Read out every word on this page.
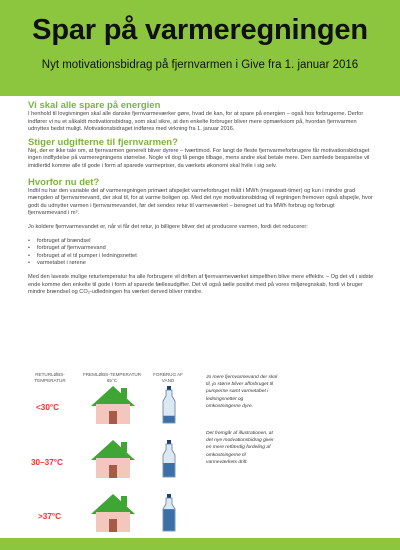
Spar på varmeregningen
Nyt motivationsbidrag på fjernvarmen i Give fra 1. januar 2016
Vi skal alle spare på energien
I henhold til lovgivningen skal alle danske fjernvarmeværker gøre, hvad de kan, for at spare på energien – også hos forbrugerne. Derfor indfører vi nu et såkaldt motivationsbidrag, som skal sikre, at den enkelte forbruger bliver mere opmærksom på, hvordan fjernvarmen udnyttes bedst muligt. Motivationsbidraget indføres med virkning fra 1. januar 2016.
Stiger udgifterne til fjernvarmen?
Nej, der er ikke tale om, at fjernvarmen generelt bliver dyrere – tværtimod. For langt de fleste fjernvarmeforbrugere får motivationsbidraget ingen indflydelse på varmeregningens størrelse. Nogle vil dog få penge tilbage, mens andre skal betale mere. Den samlede besparelse vil imidlertid komme alle til gode i form af sparede varmepriser, da værkets økonomi skal hvile i sig selv.
Hvorfor nu det?
Indtil nu har den variable del af varmeregningen primært afspejlet varmeforbruget målt i MWh (megawatt-timer) og kun i mindre grad mængden af fjernvarmevand, der skal til, for at varme boligen op. Med det nye motivationsbidrag vil regningen fremover også afspejle, hvor godt du udnytter varmen i fjernvarmevandet, før det sendes retur til varmeværket – beregnet ud fra MWh forbrug og forbrugt fjernvarmevand i m³.
Jo koldere fjernvarmevandet er, når vi får det retur, jo billigere bliver det at producere varmen, fordi det reducerer:
• forbruget af brændsel
• forbruget af fjernvarmevand
• forbruget af el til pumper i ledningsnettet
• varmetabet i rørene
Med den laveste mulige returtemperatur fra alle forbrugere vil driften af fjernvarmeværket simpelthen blive mere effektiv. – Og det vil i sidste ende komme den enkelte til gode i form af sparede fællesudgifter. Det vil også tælle positivt med på vores miljøregnskab, fordi vi bruger mindre brændsel og CO₂-udledningen fra værket derved bliver mindre.
RETURLØBS-TEMPERATUR
FREMLØBS-TEMPERATUR 65°C
FORBRUG AF VAND
<30°C
30–37°C
>37°C
Jo mere fjernvarmevand der skal til, jo større bliver afforbruget til pumperne samt varmetabet i ledningsnettet og omkostningerne dyre.
Det fremgår af illustrationen, at det nye motivationsbidrag giver en mere retfærdig fordeling af omkostningerne til varmeværkets drift.
